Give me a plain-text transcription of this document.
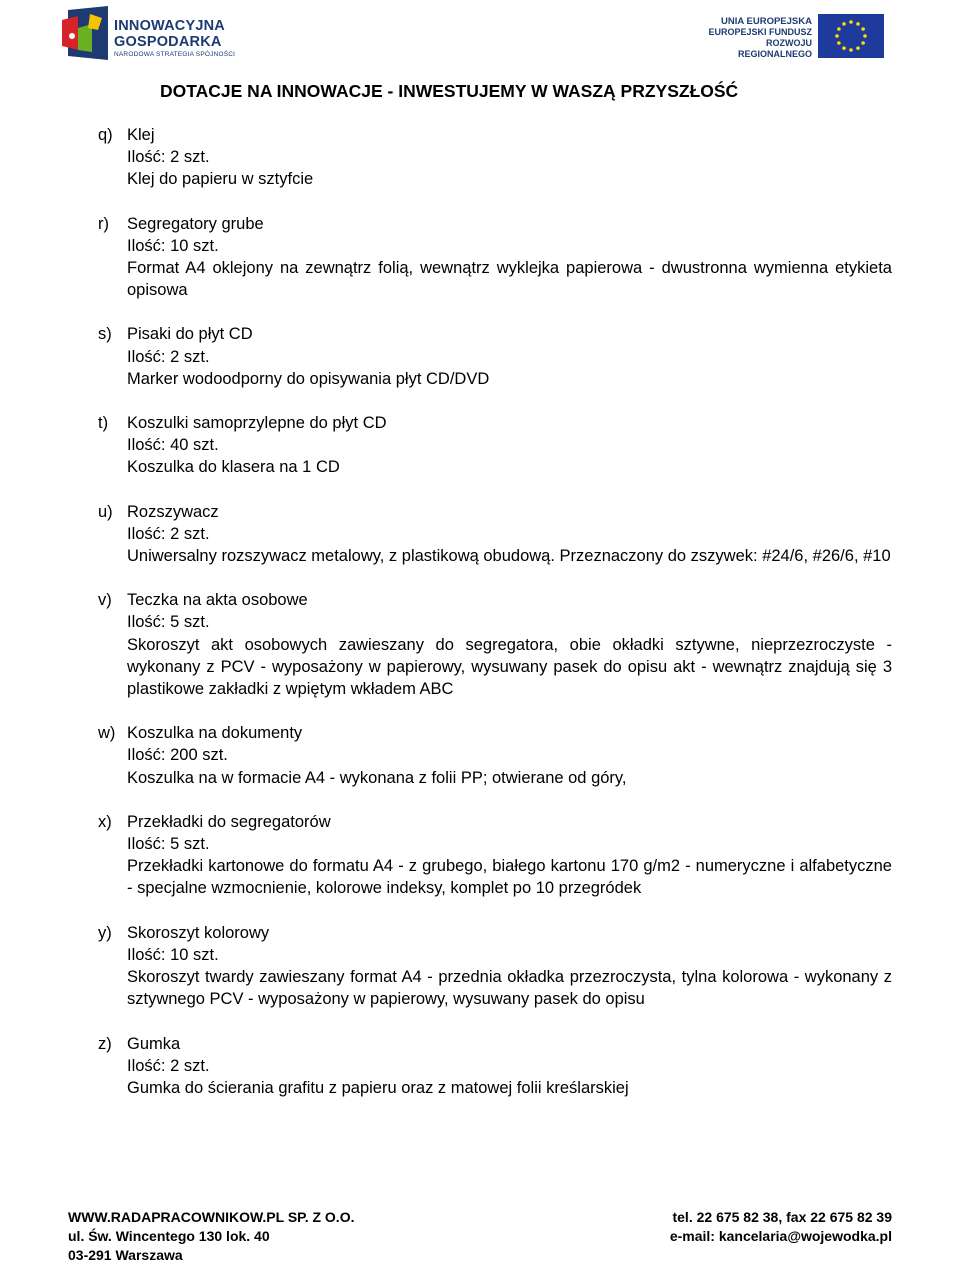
INNOWACYJNA
GOSPODARKA
NARODOWA STRATEGIA SPÓJNOŚCI
UNIA EUROPEJSKA
EUROPEJSKI FUNDUSZ
ROZWOJU REGIONALNEGO
DOTACJE NA INNOWACJE - INWESTUJEMY W WASZĄ PRZYSZŁOŚĆ
q) Klej
Ilość: 2 szt.
Klej do papieru w sztyfcie
r) Segregatory grube
Ilość: 10 szt.
Format A4 oklejony na zewnątrz folią, wewnątrz wyklejka papierowa - dwustronna wymienna etykieta opisowa
s) Pisaki do płyt CD
Ilość: 2 szt.
Marker wodoodporny do opisywania płyt CD/DVD
t) Koszulki samoprzylepne do płyt CD
Ilość: 40 szt.
Koszulka do klasera na 1 CD
u) Rozszywacz
Ilość: 2 szt.
Uniwersalny rozszywacz metalowy, z plastikową obudową. Przeznaczony do zszywek: #24/6, #26/6, #10
v) Teczka na akta osobowe
Ilość: 5 szt.
Skoroszyt akt osobowych zawieszany do segregatora, obie okładki sztywne, nieprzezroczyste - wykonany z PCV - wyposażony w papierowy, wysuwany pasek do opisu akt - wewnątrz znajdują się 3 plastikowe zakładki z wpiętym wkładem ABC
w) Koszulka na dokumenty
Ilość: 200 szt.
Koszulka na w formacie A4 - wykonana z folii PP; otwierane od góry,
x) Przekładki do segregatorów
Ilość: 5 szt.
Przekładki kartonowe do formatu A4 - z grubego, białego kartonu 170 g/m2 - numeryczne i alfabetyczne - specjalne wzmocnienie, kolorowe indeksy, komplet po 10 przegródek
y) Skoroszyt kolorowy
Ilość: 10 szt.
Skoroszyt twardy zawieszany format A4 - przednia okładka przezroczysta, tylna kolorowa - wykonany z sztywnego PCV - wyposażony w papierowy, wysuwany pasek do opisu
z) Gumka
Ilość: 2 szt.
Gumka do ścierania grafitu z papieru oraz z matowej folii kreślarskiej
WWW.RADAPRACOWNIKOW.PL SP. Z O.O.	tel. 22 675 82 38, fax 22 675 82 39
ul. Św. Wincentego 130 lok. 40	e-mail: kancelaria@wojewodka.pl
03-291 Warszawa
